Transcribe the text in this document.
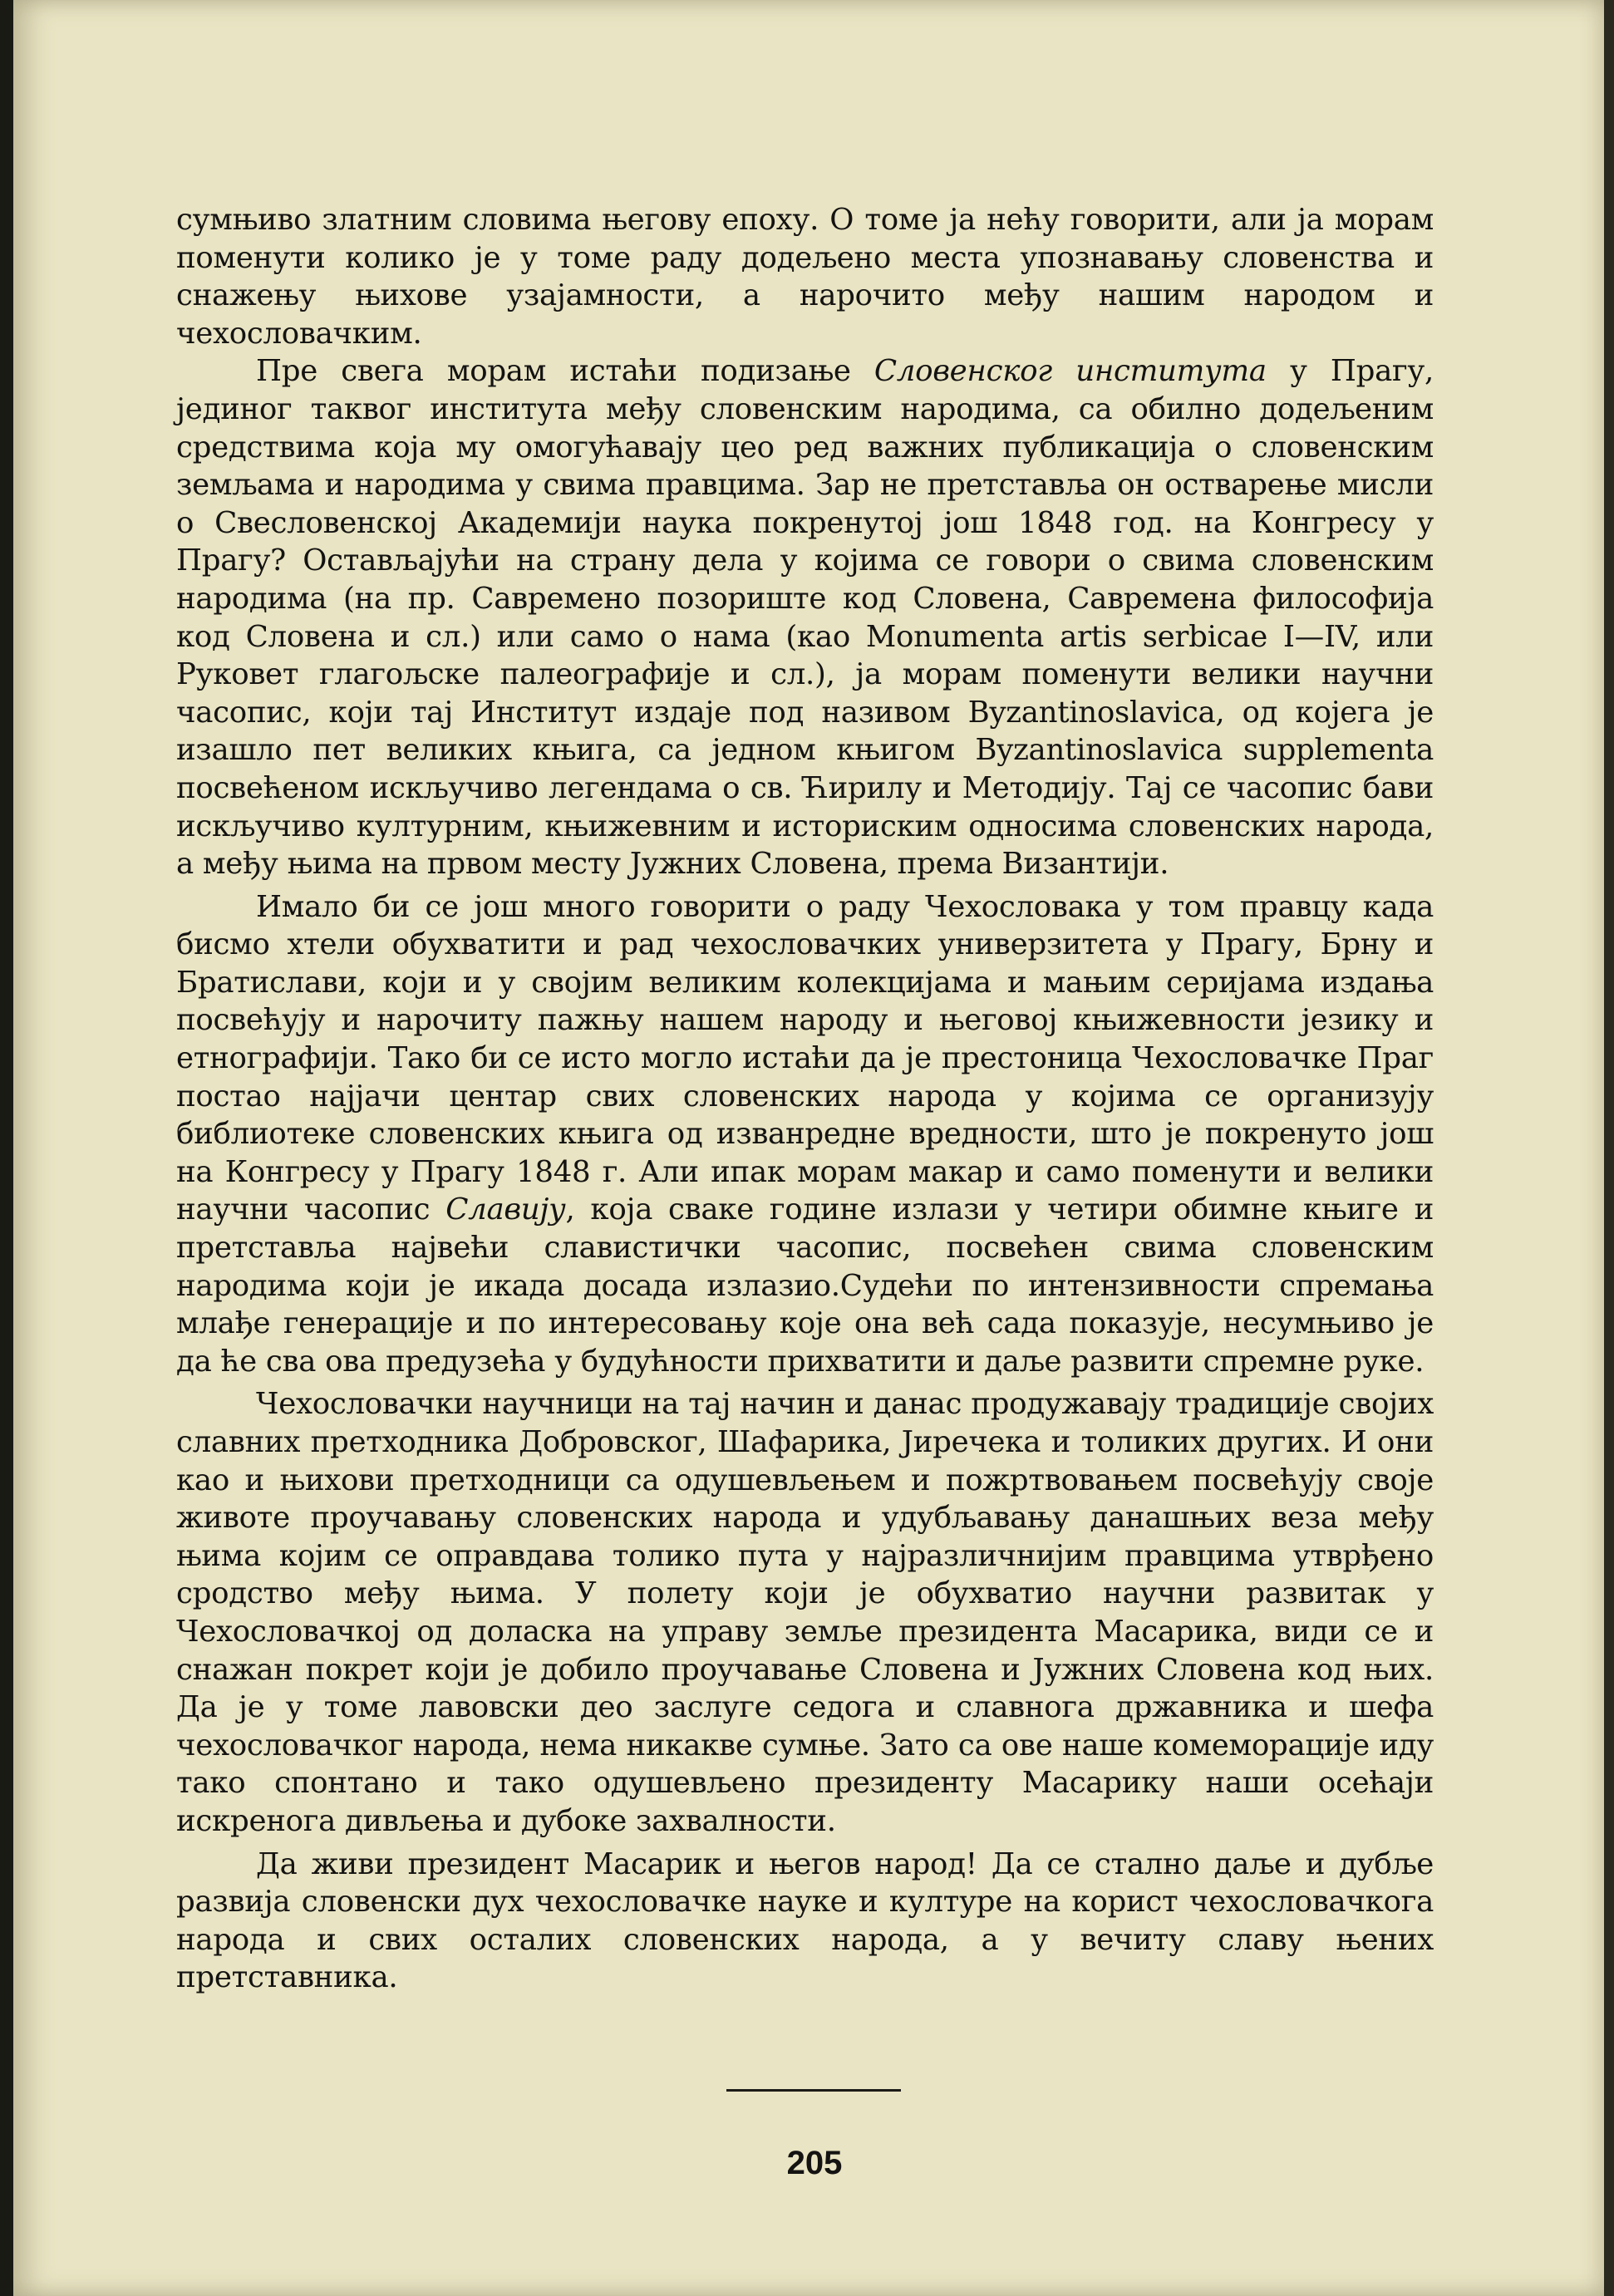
сумњиво златним словима његову епоху. О томе ја нећу говорити, али ја морам поменути колико је у томе раду додељено места упознавању словенства и снажењу њихове узајамности, а нарочито међу нашим народом и чехословачким.

Пре свега морам истаћи подизање Словенског института у Прагу, јединог таквог института међу словенским народима, са обилно додељеним средствима која му омогућавају цео ред важних публикација о словенским земљама и народима у свима правцима. Зар не претставља он остварење мисли о Свесловенској Академији наука покренутој још 1848 год. на Конгресу у Прагу? Остављајући на страну дела у којима се говори о свима словенским народима (на пр. Савремено позориште код Словена, Савремена философија код Словена и сл.) или само о нама (као Monumenta artis serbicae I—IV, или Руковет глагољске палеографије и сл.), ја морам поменути велики научни часопис, који тај Институт издаје под називом Byzantinoslavica, од којега је изашло пет великих књига, са једном књигом Byzantinoslavica supplementa посвећеном искључиво легендама о св. Ћирилу и Методију. Тај се часопис бави искључиво културним, књижевним и историским односима словенских народа, а међу њима на првом месту Јужних Словена, према Византији.

Имало би се још много говорити о раду Чехословака у том правцу када бисмо хтели обухватити и рад чехословачких универзитета у Прагу, Брну и Братислави, који и у својим великим колекцијама и мањим серијама издања посвећују и нарочиту пажњу нашем народу и његовој књижевности језику и етнографији. Тако би се исто могло истаћи да је престоница Чехословачке Праг постао најјачи центар свих словенских народа у којима се организују библиотеке словенских књига од изванредне вредности, што је покренуто још на Конгресу у Прагу 1848 г. Али ипак морам макар и само поменути и велики научни часопис Славију, која сваке године излази у четири обимне књиге и претставља највећи славистички часопис, посвећен свима словенским народима који је икада досада излазио.Судећи по интензивности спремања млађе генерације и по интересовању које она већ сада показује, несумњиво је да ће сва ова предузећа у будућности прихватити и даље развити спремне руке.

Чехословачки научници на тај начин и данас продужавају традиције својих славних претходника Добровског, Шафарика, Јиречека и толиких других. И они као и њихови претходници са одушевљењем и пожртвовањем посвећују своје животе проучавању словенских народа и удубљавању данашњих веза међу њима којим се оправдава толико пута у најразличнијим правцима утврђено сродство међу њима. У полету који је обухватио научни развитак у Чехословачкој од доласка на управу земље президента Масарика, види се и снажан покрет који је добило проучавање Словена и Јужних Словена код њих. Да је у томе лавовски део заслуге седога и славнога државника и шефа чехословачког народа, нема никакве сумње. Зато са ове наше комеморације иду тако спонтано и тако одушевљено президенту Масарику наши осећаји искренога дивљења и дубоке захвалности.

Да живи президент Масарик и његов народ! Да се стално даље и дубље развија словенски дух чехословачке науке и културе на корист чехословачкога народа и свих осталих словенских народа, а у вечиту славу њених претставника.

205
